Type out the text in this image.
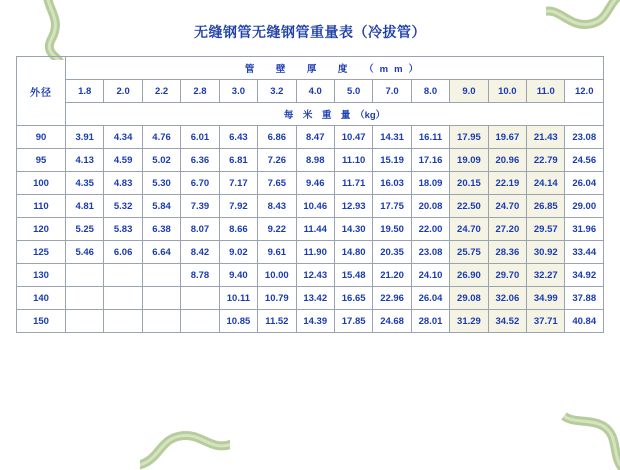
无缝钢管无缝钢管重量表（冷拔管）
外径	管　壁　厚　度　（mm）													
	1.8	2.0	2.2	2.8	3.0	3.2	4.0	5.0	7.0	8.0	9.0	10.0	11.0	12.0
	每　米　重　量　（kg）													
90	3.91	4.34	4.76	6.01	6.43	6.86	8.47	10.47	14.31	16.11	17.95	19.67	21.43	23.08
95	4.13	4.59	5.02	6.36	6.81	7.26	8.98	11.10	15.19	17.16	19.09	20.96	22.79	24.56
100	4.35	4.83	5.30	6.70	7.17	7.65	9.46	11.71	16.03	18.09	20.15	22.19	24.14	26.04
110	4.81	5.32	5.84	7.39	7.92	8.43	10.46	12.93	17.75	20.08	22.50	24.70	26.85	29.00
120	5.25	5.83	6.38	8.07	8.66	9.22	11.44	14.30	19.50	22.00	24.70	27.20	29.57	31.96
125	5.46	6.06	6.64	8.42	9.02	9.61	11.90	14.80	20.35	23.08	25.75	28.36	30.92	33.44
130				8.78	9.40	10.00	12.43	15.48	21.20	24.10	26.90	29.70	32.27	34.92
140					10.11	10.79	13.42	16.65	22.96	26.04	29.08	32.06	34.99	37.88
150					10.85	11.52	14.39	17.85	24.68	28.01	31.29	34.52	37.71	40.84
